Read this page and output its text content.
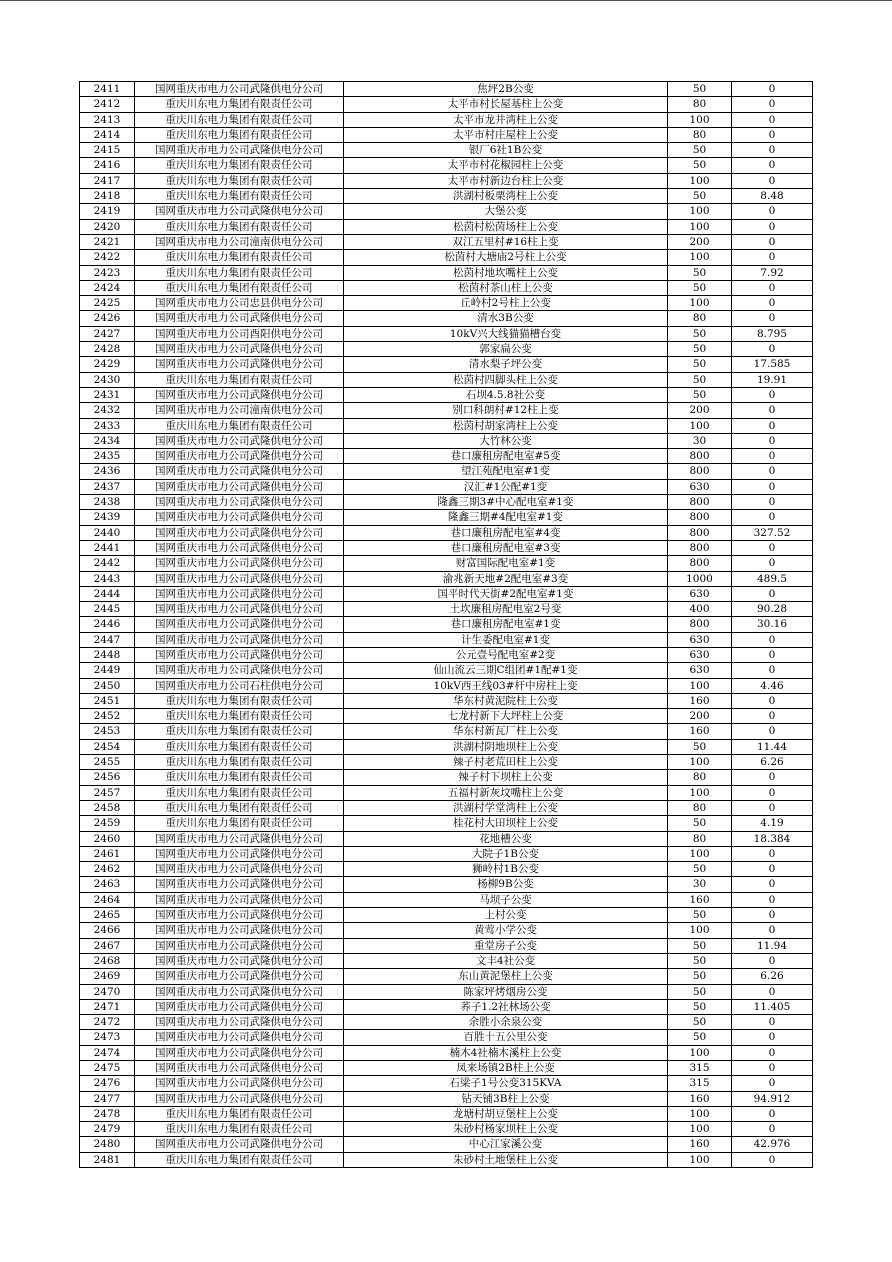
2411	国网重庆市电力公司武隆供电分公司	焦坪2B公变	50	0
2412	重庆川东电力集团有限责任公司	太平市村长屋基柱上公变	80	0
2413	重庆川东电力集团有限责任公司	太平市龙井湾柱上公变	100	0
2414	重庆川东电力集团有限责任公司	太平市村庄屋柱上公变	80	0
2415	国网重庆市电力公司武隆供电分公司	银厂6社1B公变	50	0
2416	重庆川东电力集团有限责任公司	太平市村花椒园柱上公变	50	0
2417	重庆川东电力集团有限责任公司	太平市村新边台柱上公变	100	0
2418	重庆川东电力集团有限责任公司	洪湖村板栗湾柱上公变	50	8.48
2419	国网重庆市电力公司武隆供电分公司	大堡公变	100	0
2420	重庆川东电力集团有限责任公司	松茵村松茵场柱上公变	100	0
2421	国网重庆市电力公司潼南供电分公司	双江五里村#16柱上变	200	0
2422	重庆川东电力集团有限责任公司	松茵村大塘庙2号柱上公变	100	0
2423	重庆川东电力集团有限责任公司	松茵村地坎嘴柱上公变	50	7.92
2424	重庆川东电力集团有限责任公司	松茵村茶山柱上公变	50	0
2425	国网重庆市电力公司忠县供电分公司	丘岭村2号柱上公变	100	0
2426	国网重庆市电力公司武隆供电分公司	清水3B公变	80	0
2427	国网重庆市电力公司酉阳供电分公司	10kV兴大线猫猫槽台变	50	8.795
2428	国网重庆市电力公司武隆供电分公司	郭家扁公变	50	0
2429	国网重庆市电力公司武隆供电分公司	清水梨子坪公变	50	17.585
2430	重庆川东电力集团有限责任公司	松茵村四脚头柱上公变	50	19.91
2431	国网重庆市电力公司武隆供电分公司	石坝4.5.8社公变	50	0
2432	国网重庆市电力公司潼南供电分公司	别口科朗村#12柱上变	200	0
2433	重庆川东电力集团有限责任公司	松茵村胡家湾柱上公变	100	0
2434	国网重庆市电力公司武隆供电分公司	大竹林公变	30	0
2435	国网重庆市电力公司武隆供电分公司	巷口廉租房配电室#5变	800	0
2436	国网重庆市电力公司武隆供电分公司	望江苑配电室#1变	800	0
2437	国网重庆市电力公司武隆供电分公司	汉汇#1公配#1变	630	0
2438	国网重庆市电力公司武隆供电分公司	隆鑫三期3#中心配电室#1变	800	0
2439	国网重庆市电力公司武隆供电分公司	隆鑫三期#4配电室#1变	800	0
2440	国网重庆市电力公司武隆供电分公司	巷口廉租房配电室#4变	800	327.52
2441	国网重庆市电力公司武隆供电分公司	巷口廉租房配电室#3变	800	0
2442	国网重庆市电力公司武隆供电分公司	财富国际配电室#1变	800	0
2443	国网重庆市电力公司武隆供电分公司	渝兆新天地#2配电室#3变	1000	489.5
2444	国网重庆市电力公司武隆供电分公司	国平时代天街#2配电室#1变	630	0
2445	国网重庆市电力公司武隆供电分公司	土坎廉租房配电室2号变	400	90.28
2446	国网重庆市电力公司武隆供电分公司	巷口廉租房配电室#1变	800	30.16
2447	国网重庆市电力公司武隆供电分公司	计生委配电室#1变	630	0
2448	国网重庆市电力公司武隆供电分公司	公元壹号配电室#2变	630	0
2449	国网重庆市电力公司武隆供电分公司	仙山流云三期C组团#1配#1变	630	0
2450	国网重庆市电力公司石柱供电分公司	10kV西王线03#杆中房柱上变	100	4.46
2451	重庆川东电力集团有限责任公司	华东村黄泥院柱上公变	160	0
2452	重庆川东电力集团有限责任公司	七龙村新下大坪柱上公变	200	0
2453	重庆川东电力集团有限责任公司	华东村新瓦厂柱上公变	160	0
2454	重庆川东电力集团有限责任公司	洪湖村阴地坝柱上公变	50	11.44
2455	重庆川东电力集团有限责任公司	辣子村老荒田柱上公变	100	6.26
2456	重庆川东电力集团有限责任公司	辣子村下坝柱上公变	80	0
2457	重庆川东电力集团有限责任公司	五福村新灰坟嘴柱上公变	100	0
2458	重庆川东电力集团有限责任公司	洪湖村学堂湾柱上公变	80	0
2459	重庆川东电力集团有限责任公司	桂花村大田坝柱上公变	50	4.19
2460	国网重庆市电力公司武隆供电分公司	花地槽公变	80	18.384
2461	国网重庆市电力公司武隆供电分公司	大院子1B公变	100	0
2462	国网重庆市电力公司武隆供电分公司	狮岭村1B公变	50	0
2463	国网重庆市电力公司武隆供电分公司	杨柳9B公变	30	0
2464	国网重庆市电力公司武隆供电分公司	马坝子公变	160	0
2465	国网重庆市电力公司武隆供电分公司	上村公变	50	0
2466	国网重庆市电力公司武隆供电分公司	黄莺小学公变	100	0
2467	国网重庆市电力公司武隆供电分公司	重堂房子公变	50	11.94
2468	国网重庆市电力公司武隆供电分公司	文丰4社公变	50	0
2469	国网重庆市电力公司武隆供电分公司	东山黄泥堡柱上公变	50	6.26
2470	国网重庆市电力公司武隆供电分公司	陈家坪烤烟房公变	50	0
2471	国网重庆市电力公司武隆供电分公司	荞子1.2社林场公变	50	11.405
2472	国网重庆市电力公司武隆供电分公司	余胜小余泉公变	50	0
2473	国网重庆市电力公司武隆供电分公司	百胜十五公里公变	50	0
2474	国网重庆市电力公司武隆供电分公司	楠木4社楠木溪柱上公变	100	0
2475	国网重庆市电力公司武隆供电分公司	凤来场镇2B柱上公变	315	0
2476	国网重庆市电力公司武隆供电分公司	石梁子1号公变315KVA	315	0
2477	国网重庆市电力公司武隆供电分公司	钻天铺3B柱上公变	160	94.912
2478	重庆川东电力集团有限责任公司	龙塘村胡豆堡柱上公变	100	0
2479	重庆川东电力集团有限责任公司	朱砂村杨家坝柱上公变	100	0
2480	国网重庆市电力公司武隆供电分公司	中心江家溪公变	160	42.976
2481	重庆川东电力集团有限责任公司	朱砂村土地堡柱上公变	100	0
